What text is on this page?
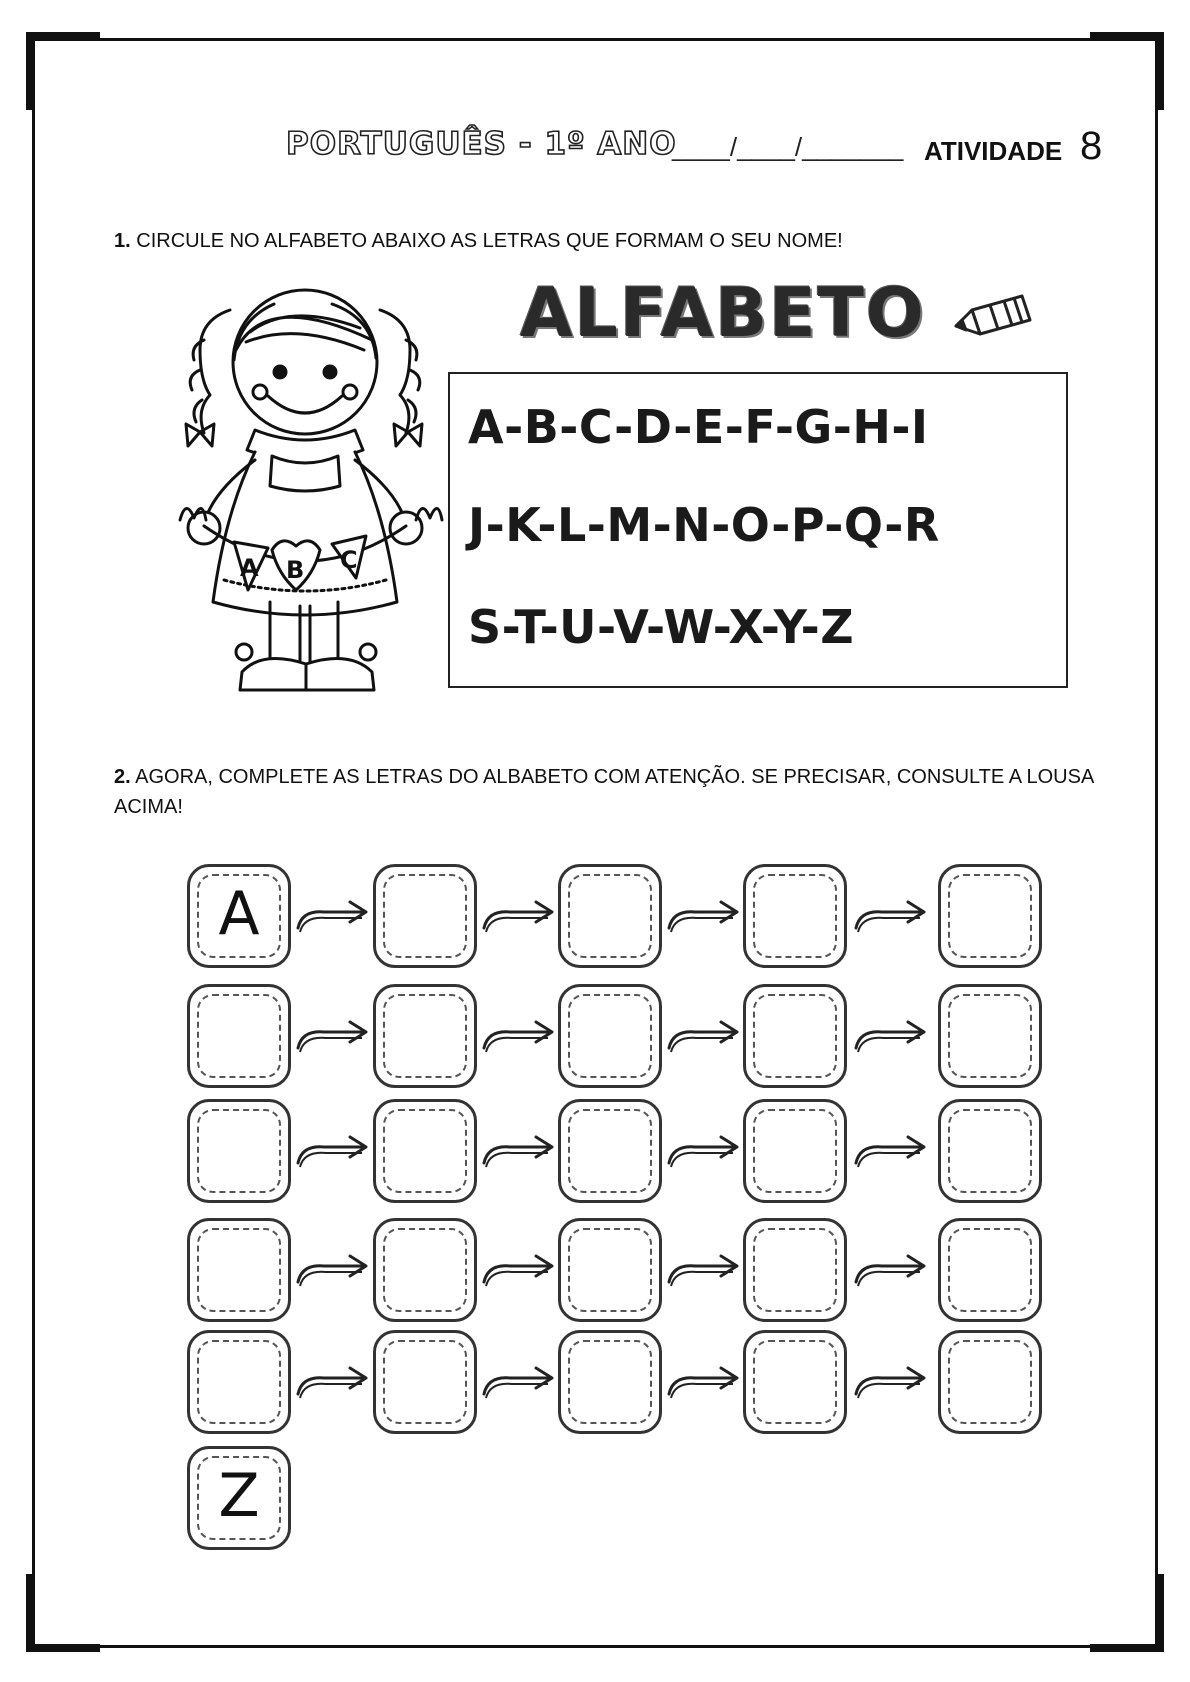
PORTUGUÊS - 1º ANO
____/____/_______ ATIVIDADE 8
1. CIRCULE NO ALFABETO ABAIXO AS LETRAS QUE FORMAM O SEU NOME!
A B C
ALFABETO
A-B-C-D-E-F-G-H-I
J-K-L-M-N-O-P-Q-R
S-T-U-V-W-X-Y-Z
2. AGORA, COMPLETE AS LETRAS DO ALBABETO COM ATENÇÃO. SE PRECISAR, CONSULTE A LOUSA ACIMA!
A
Z
